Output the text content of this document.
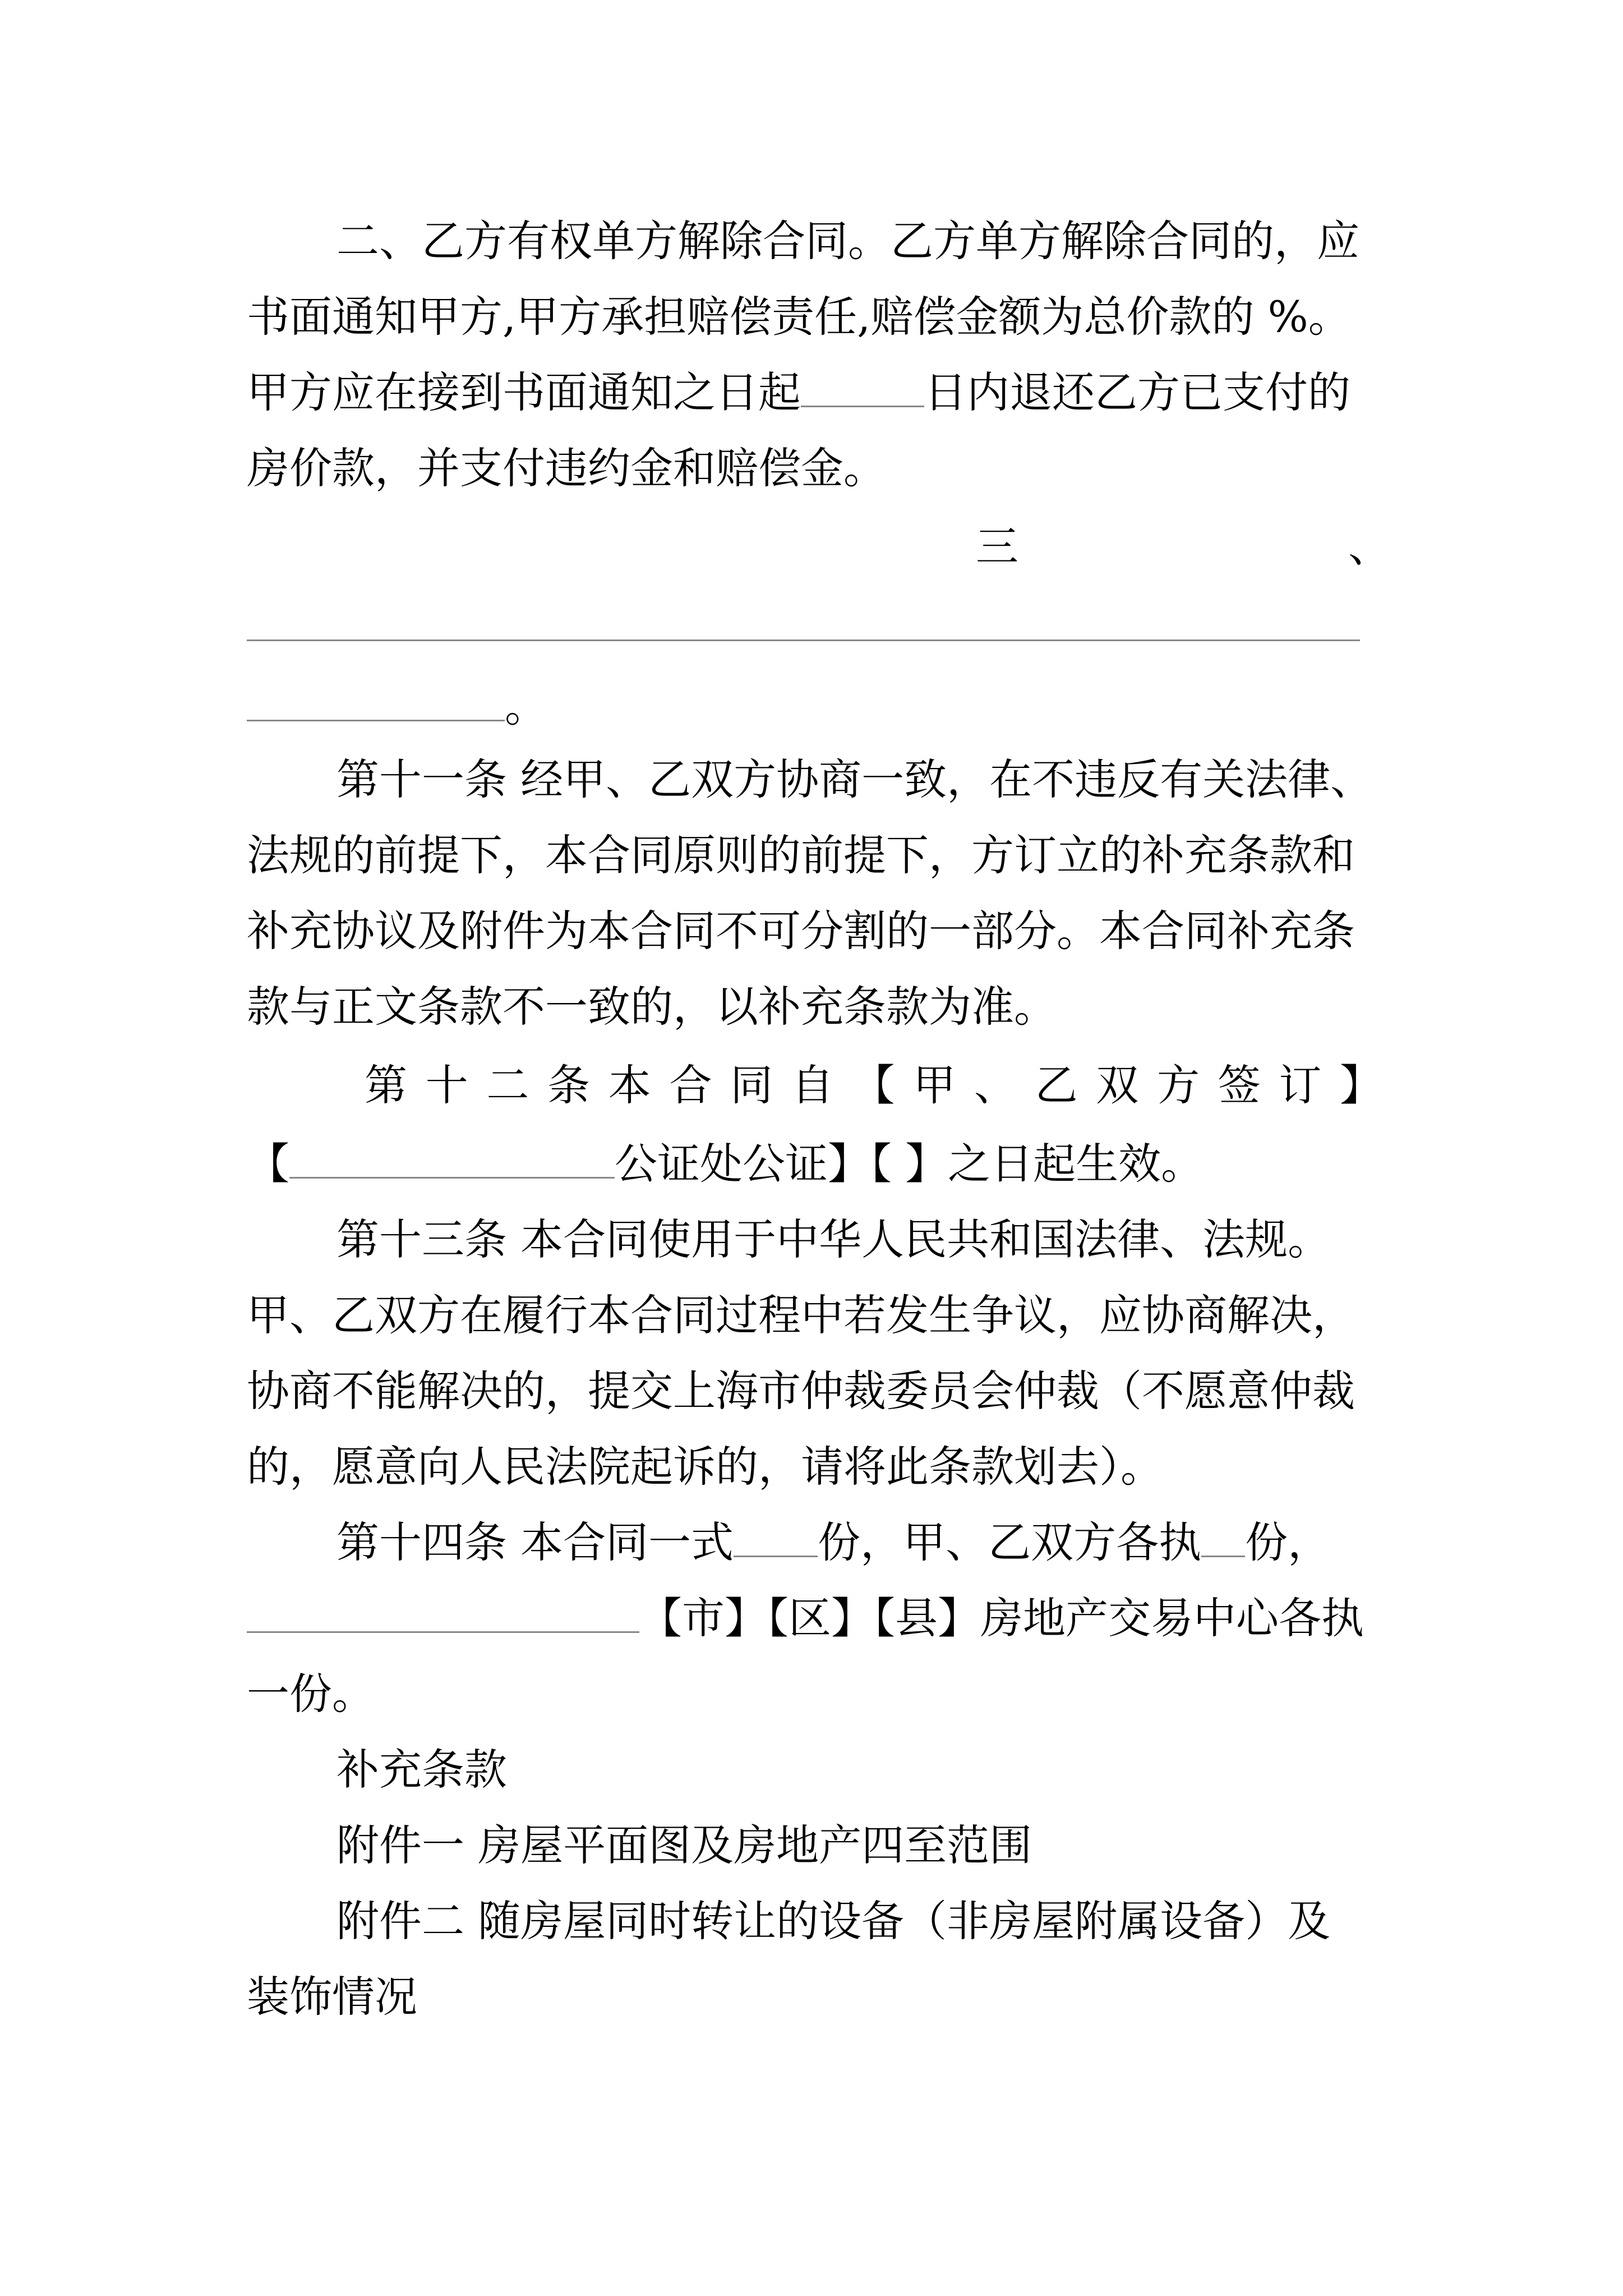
二、乙方有权单方解除合同。乙方单方解除合同的，应
书面通知甲方,甲方承担赔偿责任,赔偿金额为总价款的 %。
甲方应在接到书面通知之日起	日内退还乙方已支付的
房价款，并支付违约金和赔偿金。
三	、
。
第十一条 经甲、乙双方协商一致，在不违反有关法律、
法规的前提下，本合同原则的前提下，方订立的补充条款和
补充协议及附件为本合同不可分割的一部分。本合同补充条
款与正文条款不一致的，以补充条款为准。
第 十 二 条 本 合 同 自 【 甲 、 乙 双 方 签 订 】
【	公证处公证】【 】之日起生效。
第十三条 本合同使用于中华人民共和国法律、法规。
甲、乙双方在履行本合同过程中若发生争议，应协商解决，
协商不能解决的，提交上海市仲裁委员会仲裁（不愿意仲裁
的，愿意向人民法院起诉的，请将此条款划去）。
第十四条 本合同一式 份，甲、乙双方各执 份，
【市】【区】【县】房地产交易中心各执
一份。
补充条款
附件一 房屋平面图及房地产四至范围
附件二 随房屋同时转让的设备（非房屋附属设备）及
装饰情况
